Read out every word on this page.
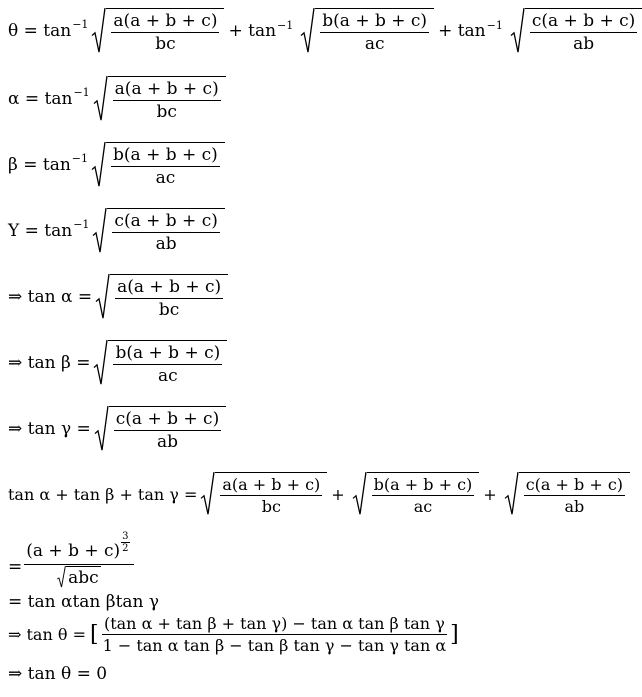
$\theta = \tan -1 \frac{a(a + b + c)}{bc} + \tan^{-1} \frac{b(a + b + c)}{ac} + \tan^{-1} \frac{c(a + b + c)}{ab}$
$\alpha = \tan -1 \frac{a(a + b + c)}{bc}$
$\beta = \tan -1 \frac{b(a + b + c)}{ac}$
$Y = \tan -1 \frac{c(a + b + c)}{ab}$
⇒ $\tan \alpha = \frac{a(a + b + c)}{bc}$
⇒ $\tan \beta = \frac{b(a + b + c)}{ac}$
⇒ $\tan \gamma = \frac{c(a + b + c)}{ab}$
$\tan \alpha + \tan \beta + \tan \gamma = \frac{a(a + b + c)}{bc} + \frac{b(a + b + c)}{ac} + \frac{c(a + b + c)}{ab}$
= $\frac{(a + b + c) \frac{3}{2}}{\text{abc}}$
= tan αtan βtan γ
⇒ tan θ = [ $\frac{\text{(tan α + tan β + tan γ) − tan α tan β tan γ}}{\text{1 − tan α tan β − tan β tan γ − tan γ tan α}}$ ]
⇒ tan θ = 0
